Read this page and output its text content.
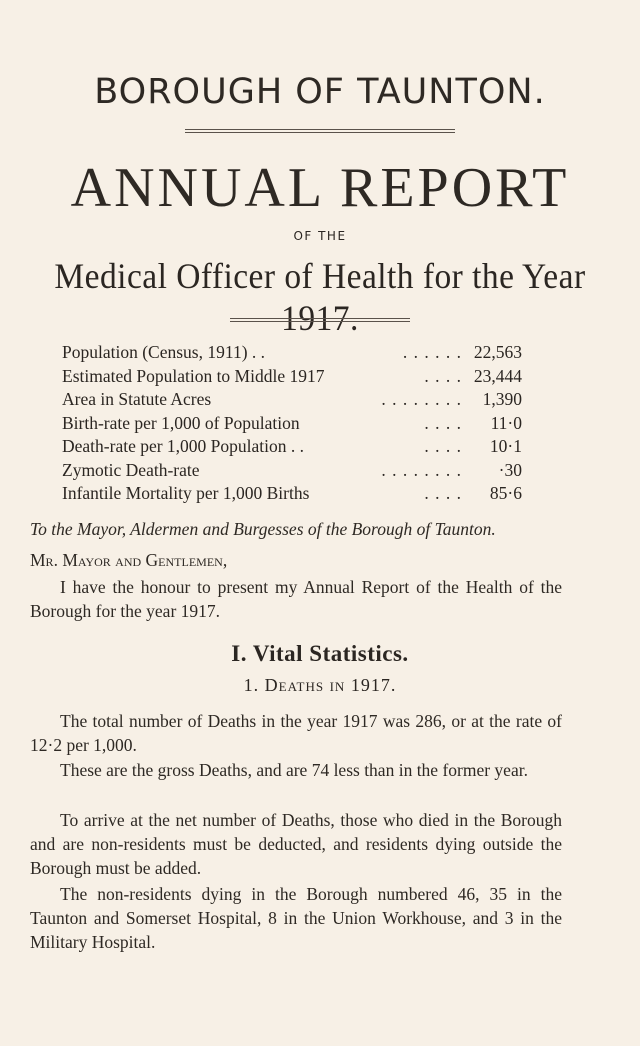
BOROUGH OF TAUNTON.
ANNUAL REPORT
OF THE
Medical Officer of Health for the Year 1917.
Population (Census, 1911) . .	. . . . . . 22,563
Estimated Population to Middle 1917	. . . . 23,444
Area in Statute Acres	. . . . . . . . 1,390
Birth-rate per 1,000 of Population	. . . . 11·0
Death-rate per 1,000 Population . .	. . . . 10·1
Zymotic Death-rate	. . . . . . . . ·30
Infantile Mortality per 1,000 Births	. . . . 85·6
To the Mayor, Aldermen and Burgesses of the Borough of Taunton.
Mr. Mayor and Gentlemen,
I have the honour to present my Annual Report of the Health of the Borough for the year 1917.
I. Vital Statistics.
1. Deaths in 1917.
The total number of Deaths in the year 1917 was 286, or at the rate of 12·2 per 1,000.
These are the gross Deaths, and are 74 less than in the former year.
To arrive at the net number of Deaths, those who died in the Borough and are non-residents must be deducted, and residents dying outside the Borough must be added.
The non-residents dying in the Borough numbered 46, 35 in the Taunton and Somerset Hospital, 8 in the Union Workhouse, and 3 in the Military Hospital.
